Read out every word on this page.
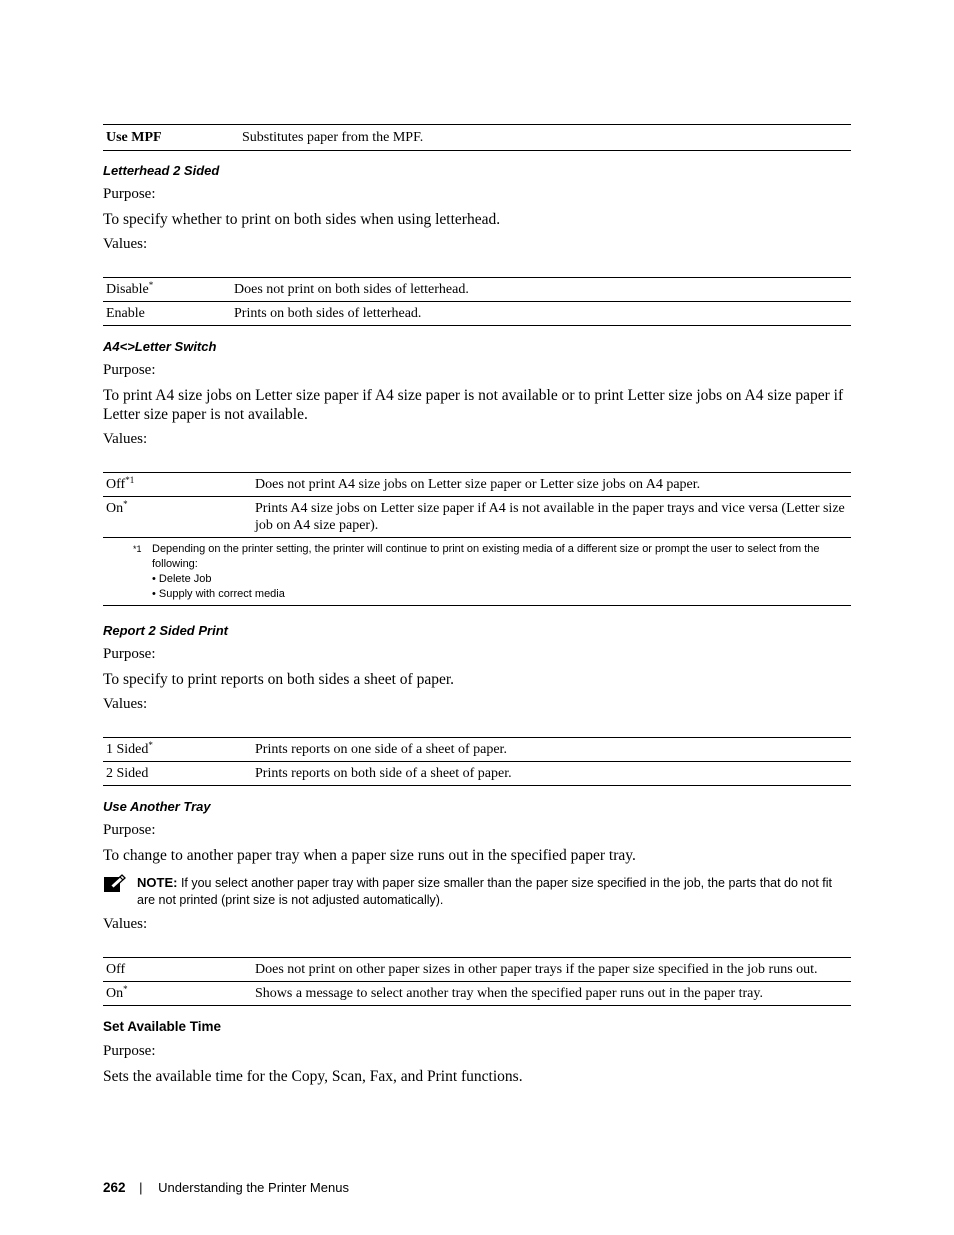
Use MPF	Substitutes paper from the MPF.

Letterhead 2 Sided

Purpose:

To specify whether to print on both sides when using letterhead.

Values:

Disable*	Does not print on both sides of letterhead.
Enable	Prints on both sides of letterhead.

A4<>Letter Switch

Purpose:

To print A4 size jobs on Letter size paper if A4 size paper is not available or to print Letter size jobs on A4 size paper if Letter size paper is not available.

Values:

Off$^{*1}$	Does not print A4 size jobs on Letter size paper or Letter size jobs on A4 paper.
On*	Prints A4 size jobs on Letter size paper if A4 is not available in the paper trays and vice versa (Letter size job on A4 size paper).

*1 Depending on the printer setting, the printer will continue to print on existing media of a different size or prompt the user to select from the following:
• Delete Job
• Supply with correct media	

Report 2 Sided Print

Purpose:

To specify to print reports on both sides a sheet of paper.

Values:

1 Sided*	Prints reports on one side of a sheet of paper.
2 Sided	Prints reports on both side of a sheet of paper.

Use Another Tray

Purpose:

To change to another paper tray when a paper size runs out in the specified paper tray.

NOTE: If you select another paper tray with paper size smaller than the paper size specified in the job, the parts that do not fit are not printed (print size is not adjusted automatically).

Values:

Off	Does not print on other paper sizes in other paper trays if the paper size specified in the job runs out.
On*	Shows a message to select another tray when the specified paper runs out in the paper tray.

Set Available Time

Purpose:

Sets the available time for the Copy, Scan, Fax, and Print functions.

262 | Understanding the Printer Menus
